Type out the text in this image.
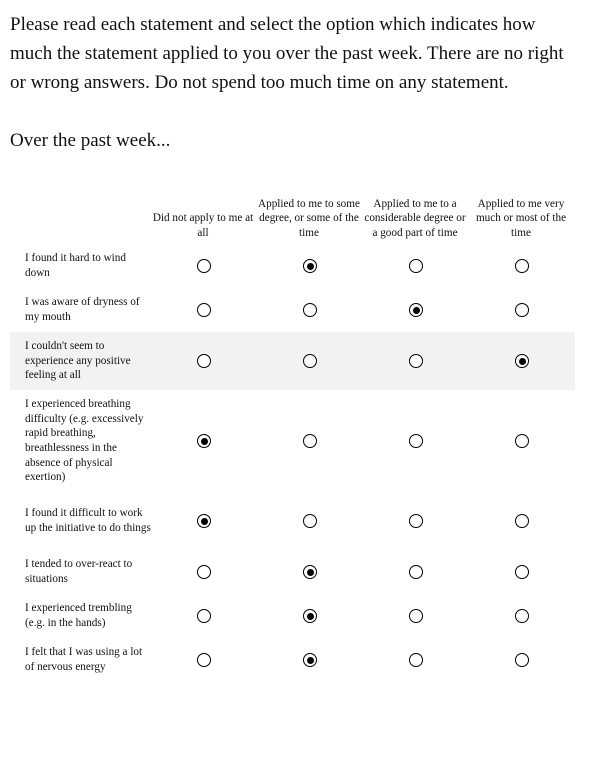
Please read each statement and select the option which indicates how much the statement applied to you over the past week. There are no right or wrong answers. Do not spend too much time on any statement.

Over the past week...

Did not apply to me at all
Applied to me to some degree, or some of the time
Applied to me to a considerable degree or a good part of time
Applied to me very much or most of the time
I found it hard to wind down
I was aware of dryness of my mouth
I couldn't seem to experience any positive feeling at all
I experienced breathing difficulty (e.g. excessively rapid breathing, breathlessness in the absence of physical exertion)
I found it difficult to work up the initiative to do things
I tended to over-react to situations
I experienced trembling (e.g. in the hands)
I felt that I was using a lot of nervous energy
